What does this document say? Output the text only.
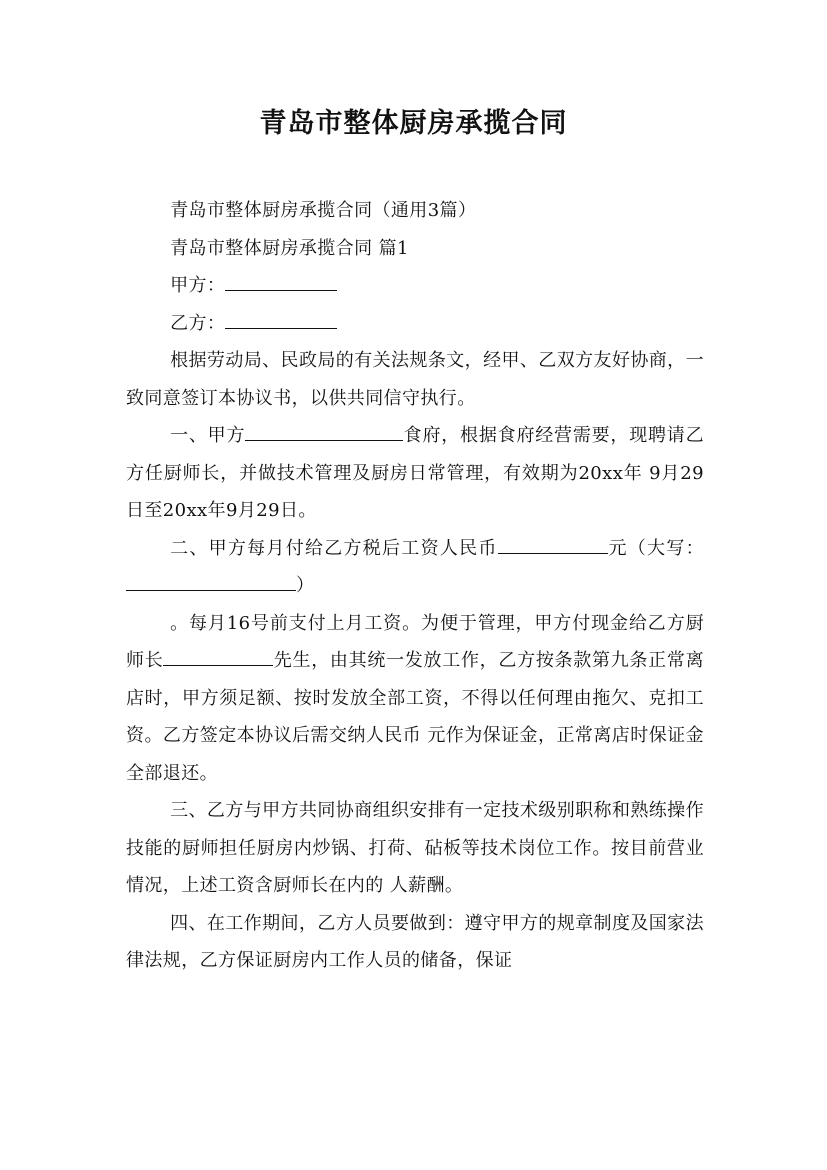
青岛市整体厨房承揽合同

青岛市整体厨房承揽合同（通用3篇）

青岛市整体厨房承揽合同 篇1

甲方：

乙方：

根据劳动局、民政局的有关法规条文，经甲、乙双方友好协商，一致同意签订本协议书，以供共同信守执行。

一、甲方	食府，根据食府经营需要，现聘请乙方任厨师长，并做技术管理及厨房日常管理，有效期为20xx年 9月29日至20xx年9月29日。

二、甲方每月付给乙方税后工资人民币	元（大写：）

。每月16号前支付上月工资。为便于管理，甲方付现金给乙方厨师长	先生，由其统一发放工作，乙方按条款第九条正常离店时，甲方须足额、按时发放全部工资，不得以任何理由拖欠、克扣工资。乙方签定本协议后需交纳人民币 元作为保证金，正常离店时保证金全部退还。

三、乙方与甲方共同协商组织安排有一定技术级别职称和熟练操作技能的厨师担任厨房内炒锅、打荷、砧板等技术岗位工作。按目前营业情况，上述工资含厨师长在内的 人薪酬。

四、在工作期间，乙方人员要做到：遵守甲方的规章制度及国家法律法规，乙方保证厨房内工作人员的储备，保证
